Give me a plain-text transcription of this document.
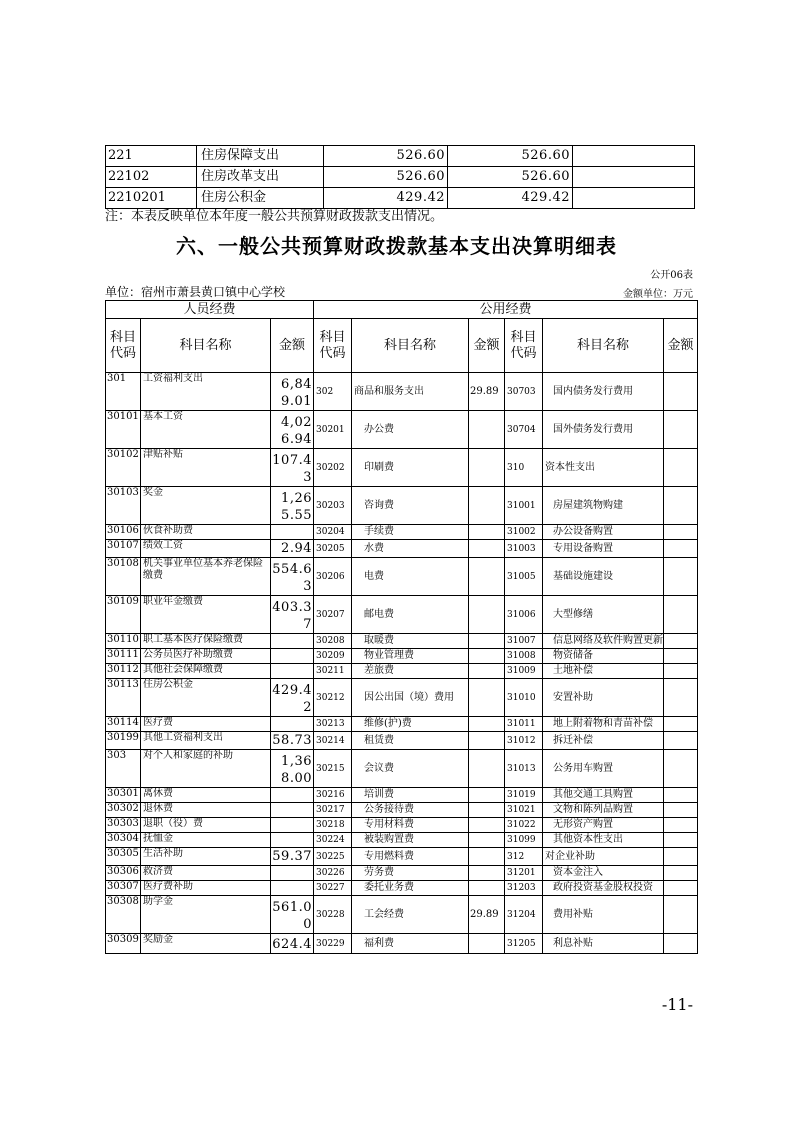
221	住房保障支出	526.60	526.60	
22102	住房改革支出	526.60	526.60	
2210201	住房公积金	429.42	429.42	
注：本表反映单位本年度一般公共预算财政拨款支出情况。
六、一般公共预算财政拨款基本支出决算明细表
公开06表
单位：宿州市萧县黄口镇中心学校	金额单位：万元
人员经费			公用经费					
科目代码	科目名称	金额	科目代码	科目名称	金额	科目代码	科目名称	金额
301	工资福利支出	6,849.01	302	商品和服务支出	29.89	30703	国内债务发行费用	
30101	基本工资	4,026.94	30201	办公费		30704	国外债务发行费用	
30102	津贴补贴	107.43	30202	印刷费		310	资本性支出	
30103	奖金	1,265.55	30203	咨询费		31001	房屋建筑物购建	
30106	伙食补助费		30204	手续费		31002	办公设备购置	
30107	绩效工资	2.94	30205	水费		31003	专用设备购置	
30108	机关事业单位基本养老保险缴费	554.63	30206	电费		31005	基础设施建设	
30109	职业年金缴费	403.37	30207	邮电费		31006	大型修缮	
30110	职工基本医疗保险缴费		30208	取暖费		31007	信息网络及软件购置更新	
30111	公务员医疗补助缴费		30209	物业管理费		31008	物资储备	
30112	其他社会保障缴费		30211	差旅费		31009	土地补偿	
30113	住房公积金	429.42	30212	因公出国（境）费用		31010	安置补助	
30114	医疗费		30213	维修(护)费		31011	地上附着物和青苗补偿	
30199	其他工资福利支出	58.73	30214	租赁费		31012	拆迁补偿	
303	对个人和家庭的补助	1,368.00	30215	会议费		31013	公务用车购置	
30301	离休费		30216	培训费		31019	其他交通工具购置	
30302	退休费		30217	公务接待费		31021	文物和陈列品购置	
30303	退职（役）费		30218	专用材料费		31022	无形资产购置	
30304	抚恤金		30224	被装购置费		31099	其他资本性支出	
30305	生活补助	59.37	30225	专用燃料费		312	对企业补助	
30306	救济费		30226	劳务费		31201	资本金注入	
30307	医疗费补助		30227	委托业务费		31203	政府投资基金股权投资	
30308	助学金	561.00	30228	工会经费	29.89	31204	费用补贴	
30309	奖励金	624.4	30229	福利费		31205	利息补贴	
-11-
